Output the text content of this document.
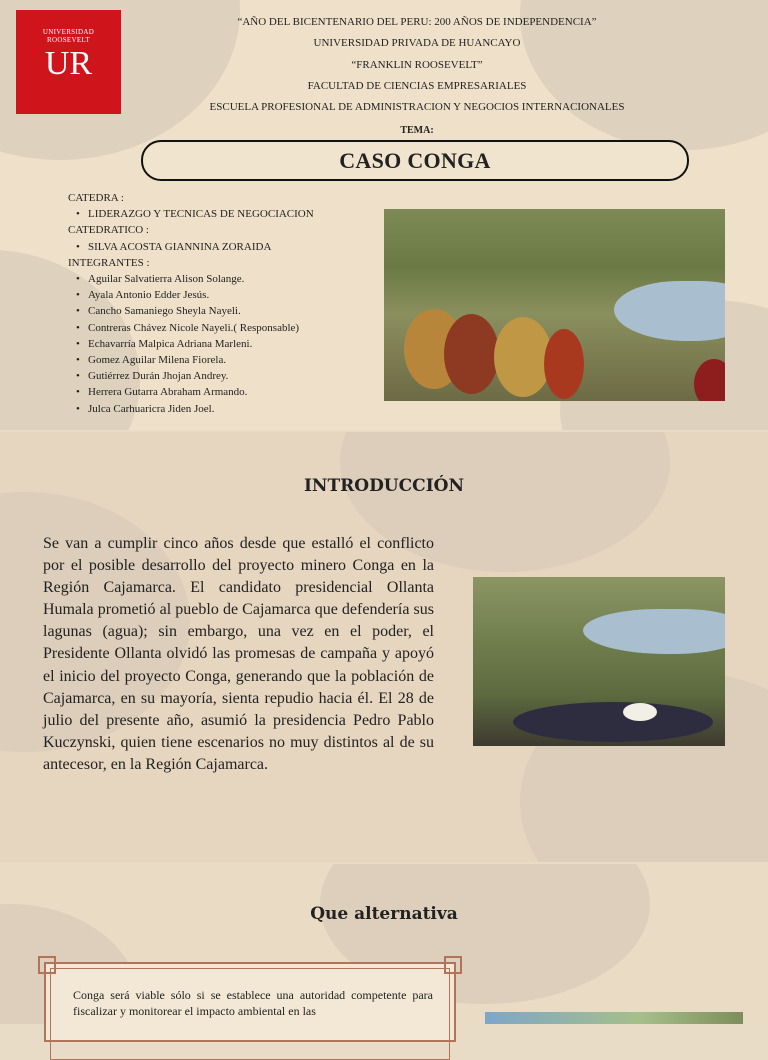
UNIVERSIDAD
ROOSEVELT
UR
“AÑO DEL BICENTENARIO DEL PERU: 200 AÑOS DE INDEPENDENCIA”
UNIVERSIDAD PRIVADA DE HUANCAYO
“FRANKLIN ROOSEVELT”
FACULTAD DE CIENCIAS EMPRESARIALES
ESCUELA PROFESIONAL DE ADMINISTRACION Y NEGOCIOS INTERNACIONALES
TEMA:
CASO CONGA
CATEDRA :
• LIDERAZGO Y TECNICAS DE NEGOCIACION
CATEDRATICO :
• SILVA ACOSTA GIANNINA ZORAIDA
INTEGRANTES :
• Aguilar Salvatierra Alison Solange.
• Ayala Antonio Edder Jesús.
• Cancho Samaniego Sheyla Nayeli.
• Contreras Chávez Nicole Nayeli.( Responsable)
• Echavarría Malpica Adriana Marleni.
• Gomez Aguilar Milena Fiorela.
• Gutiérrez Durán Jhojan Andrey.
• Herrera Gutarra Abraham Armando.
• Julca Carhuaricra Jiden Joel.
INTRODUCCIÓN
Se van a cumplir cinco años desde que estalló el conflicto por el posible desarrollo del proyecto minero Conga en la Región Cajamarca. El candidato presidencial Ollanta Humala prometió al pueblo de Cajamarca que defendería sus lagunas (agua); sin embargo, una vez en el poder, el Presidente Ollanta olvidó las promesas de campaña y apoyó el inicio del proyecto Conga, generando que la población de Cajamarca, en su mayoría, sienta repudio hacia él. El 28 de julio del presente año, asumió la presidencia Pedro Pablo Kuczynski, quien tiene escenarios no muy distintos al de su antecesor, en la Región Cajamarca.
Que alternativa
Conga será viable sólo si se establece una autoridad competente para fiscalizar y monitorear el impacto ambiental en las
